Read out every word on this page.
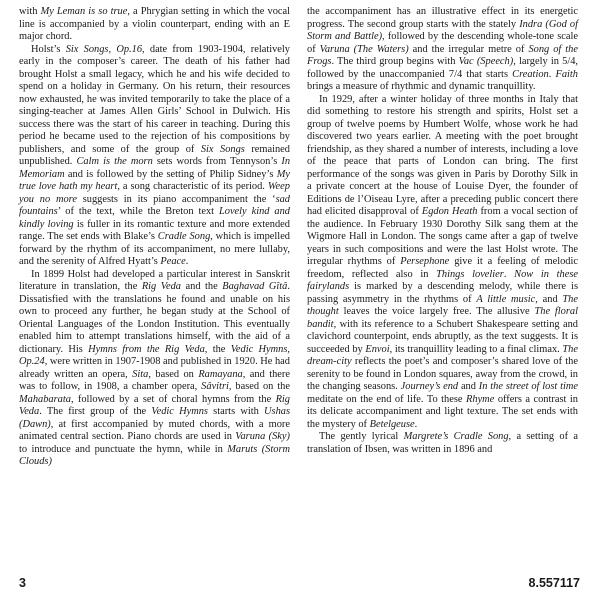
with My Leman is so true, a Phrygian setting in which the vocal line is accompanied by a violin counterpart, ending with an E major chord.

Holst’s Six Songs, Op.16, date from 1903-1904, relatively early in the composer’s career. The death of his father had brought Holst a small legacy, which he and his wife decided to spend on a holiday in Germany. On his return, their resources now exhausted, he was invited temporarily to take the place of a singing-teacher at James Allen Girls’ School in Dulwich. His success there was the start of his career in teaching. During this period he became used to the rejection of his compositions by publishers, and some of the group of Six Songs remained unpublished. Calm is the morn sets words from Tennyson’s In Memoriam and is followed by the setting of Philip Sidney’s My true love hath my heart, a song characteristic of its period. Weep you no more suggests in its piano accompaniment the ‘sad fountains’ of the text, while the Breton text Lovely kind and kindly loving is fuller in its romantic texture and more extended range. The set ends with Blake’s Cradle Song, which is impelled forward by the rhythm of its accompaniment, no mere lullaby, and the serenity of Alfred Hyatt’s Peace.

In 1899 Holst had developed a particular interest in Sanskrit literature in translation, the Rig Veda and the Baghavad Gîtâ. Dissatisfied with the translations he found and unable on his own to proceed any further, he began study at the School of Oriental Languages of the London Institution. This eventually enabled him to attempt translations himself, with the aid of a dictionary. His Hymns from the Rig Veda, the Vedic Hymns, Op.24, were written in 1907-1908 and published in 1920. He had already written an opera, Sita, based on Ramayana, and there was to follow, in 1908, a chamber opera, Sâvitri, based on the Mahabarata, followed by a set of choral hymns from the Rig Veda. The first group of the Vedic Hymns starts with Ushas (Dawn), at first accompanied by muted chords, with a more animated central section. Piano chords are used in Varuna (Sky) to introduce and punctuate the hymn, while in Maruts (Storm Clouds)

the accompaniment has an illustrative effect in its energetic progress. The second group starts with the stately Indra (God of Storm and Battle), followed by the descending whole-tone scale of Varuna (The Waters) and the irregular metre of Song of the Frogs. The third group begins with Vac (Speech), largely in 5/4, followed by the unaccompanied 7/4 that starts Creation. Faith brings a measure of rhythmic and dynamic tranquillity.

In 1929, after a winter holiday of three months in Italy that did something to restore his strength and spirits, Holst set a group of twelve poems by Humbert Wolfe, whose work he had discovered two years earlier. A meeting with the poet brought friendship, as they shared a number of interests, including a love of the peace that parts of London can bring. The first performance of the songs was given in Paris by Dorothy Silk in a private concert at the house of Louise Dyer, the founder of Editions de l’Oiseau Lyre, after a preceding public concert there had elicited disapproval of Egdon Heath from a vocal section of the audience. In February 1930 Dorothy Silk sang them at the Wigmore Hall in London. The songs came after a gap of twelve years in such compositions and were the last Holst wrote. The irregular rhythms of Persephone give it a feeling of melodic freedom, reflected also in Things lovelier. Now in these fairylands is marked by a descending melody, while there is passing asymmetry in the rhythms of A little music, and The thought leaves the voice largely free. The allusive The floral bandit, with its reference to a Schubert Shakespeare setting and clavichord counterpoint, ends abruptly, as the text suggests. It is succeeded by Envoi, its tranquillity leading to a final climax. The dream-city reflects the poet’s and composer’s shared love of the serenity to be found in London squares, away from the crowd, in the changing seasons. Journey’s end and In the street of lost time meditate on the end of life. To these Rhyme offers a contrast in its delicate accompaniment and light texture. The set ends with the mystery of Betelgeuse.

The gently lyrical Margrete’s Cradle Song, a setting of a translation of Ibsen, was written in 1896 and

3	8.557117
